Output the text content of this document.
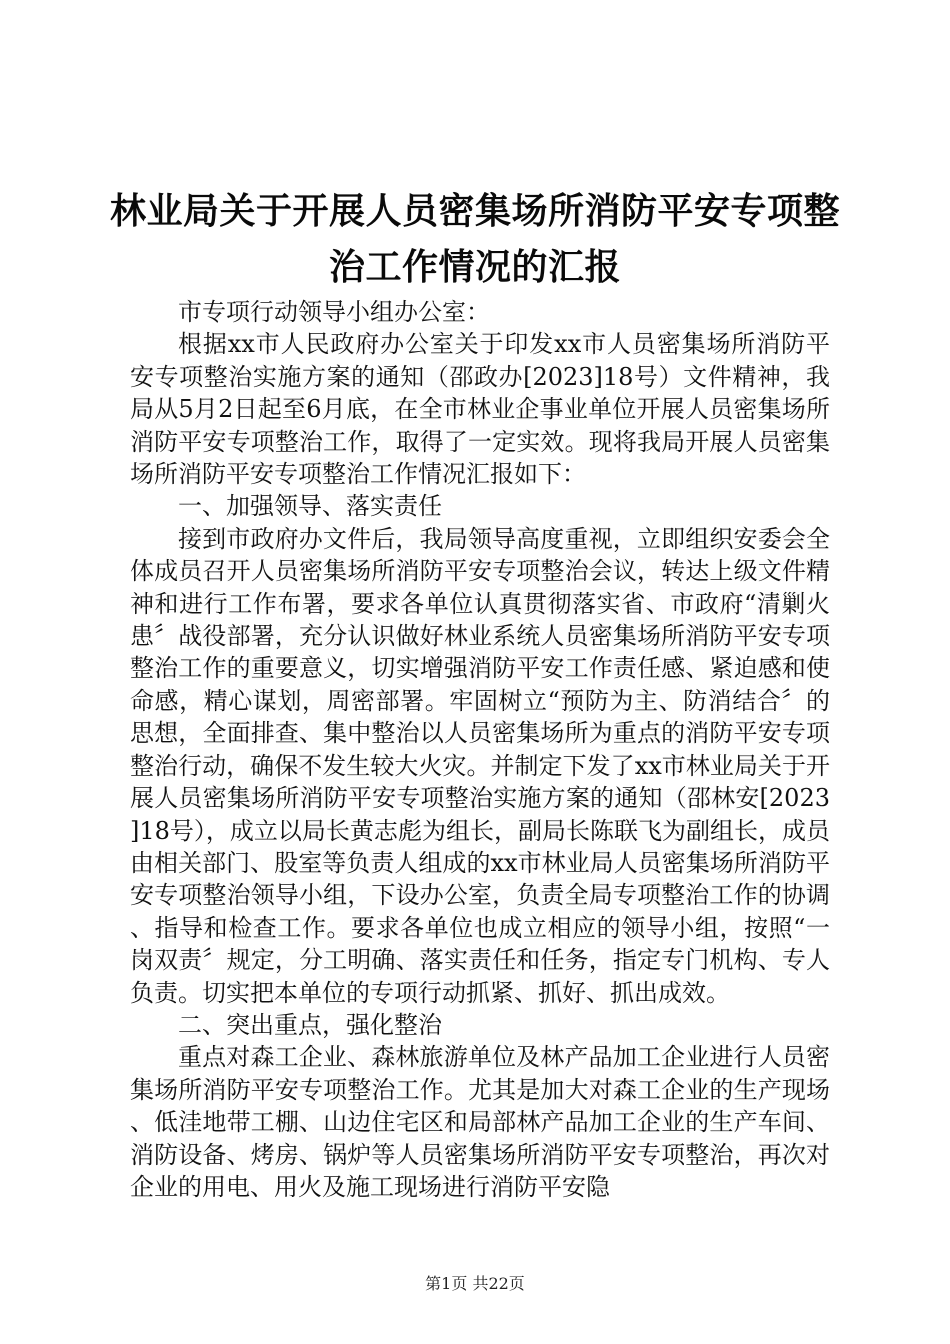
林业局关于开展人员密集场所消防平安专项整
治工作情况的汇报

市专项行动领导小组办公室：

根据xx市人民政府办公室关于印发xx市人员密集场所消防平安专项整治实施方案的通知（邵政办[2023]18号）文件精神，我局从5月2日起至6月底，在全市林业企事业单位开展人员密集场所消防平安专项整治工作，取得了一定实效。现将我局开展人员密集场所消防平安专项整治工作情况汇报如下：

一、加强领导、落实责任

接到市政府办文件后，我局领导高度重视，立即组织安委会全体成员召开人员密集场所消防平安专项整治会议，转达上级文件精神和进行工作布署，要求各单位认真贯彻落实省、市政府“清剿火患〞战役部署，充分认识做好林业系统人员密集场所消防平安专项整治工作的重要意义，切实增强消防平安工作责任感、紧迫感和使命感，精心谋划，周密部署。牢固树立“预防为主、防消结合〞的思想，全面排查、集中整治以人员密集场所为重点的消防平安专项整治行动，确保不发生较大火灾。并制定下发了xx市林业局关于开展人员密集场所消防平安专项整治实施方案的通知（邵林安[2023]18号），成立以局长黄志彪为组长，副局长陈联飞为副组长，成员由相关部门、股室等负责人组成的xx市林业局人员密集场所消防平安专项整治领导小组，下设办公室，负责全局专项整治工作的协调、指导和检查工作。要求各单位也成立相应的领导小组，按照“一岗双责〞规定，分工明确、落实责任和任务，指定专门机构、专人负责。切实把本单位的专项行动抓紧、抓好、抓出成效。

二、突出重点，强化整治

重点对森工企业、森林旅游单位及林产品加工企业进行人员密集场所消防平安专项整治工作。尤其是加大对森工企业的生产现场、低洼地带工棚、山边住宅区和局部林产品加工企业的生产车间、消防设备、烤房、锅炉等人员密集场所消防平安专项整治，再次对企业的用电、用火及施工现场进行消防平安隐

第1页 共22页
